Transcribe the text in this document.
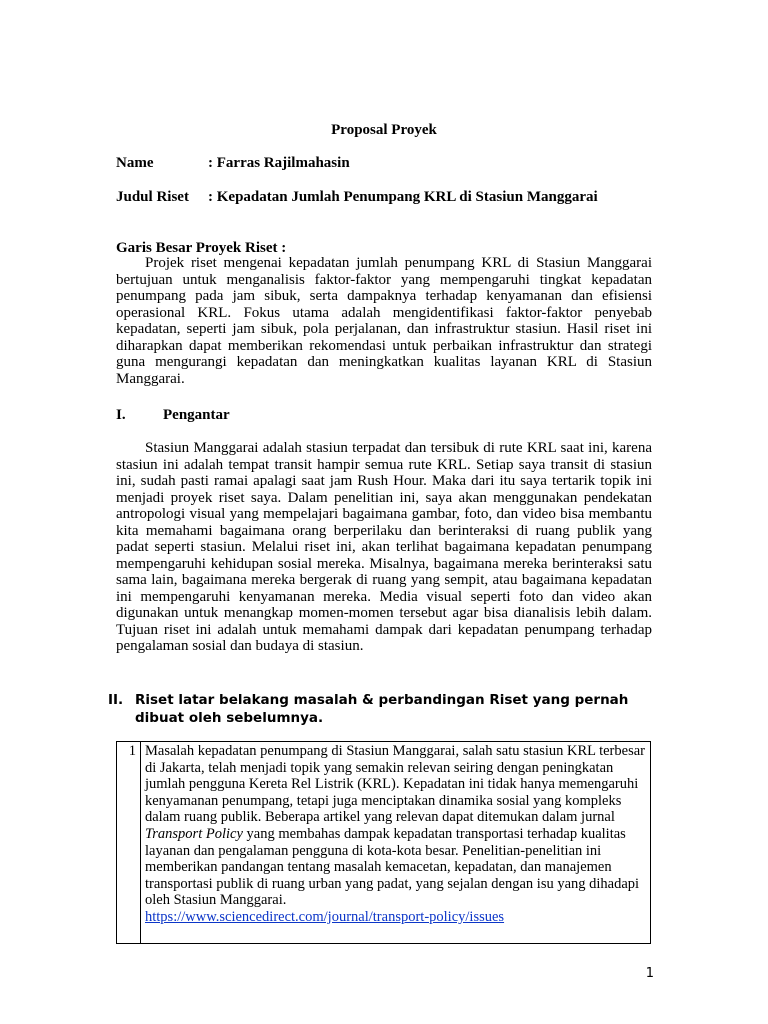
Proposal Proyek
Name	: Farras Rajilmahasin
Judul Riset : Kepadatan Jumlah Penumpang KRL di Stasiun Manggarai
Garis Besar Proyek Riset :

Projek riset mengenai kepadatan jumlah penumpang KRL di Stasiun Manggarai bertujuan untuk menganalisis faktor-faktor yang mempengaruhi tingkat kepadatan penumpang pada jam sibuk, serta dampaknya terhadap kenyamanan dan efisiensi operasional KRL. Fokus utama adalah mengidentifikasi faktor-faktor penyebab kepadatan, seperti jam sibuk, pola perjalanan, dan infrastruktur stasiun. Hasil riset ini diharapkan dapat memberikan rekomendasi untuk perbaikan infrastruktur dan strategi guna mengurangi kepadatan dan meningkatkan kualitas layanan KRL di Stasiun Manggarai.

I. Pengantar

Stasiun Manggarai adalah stasiun terpadat dan tersibuk di rute KRL saat ini, karena stasiun ini adalah tempat transit hampir semua rute KRL. Setiap saya transit di stasiun ini, sudah pasti ramai apalagi saat jam Rush Hour. Maka dari itu saya tertarik topik ini menjadi proyek riset saya. Dalam penelitian ini, saya akan menggunakan pendekatan antropologi visual yang mempelajari bagaimana gambar, foto, dan video bisa membantu kita memahami bagaimana orang berperilaku dan berinteraksi di ruang publik yang padat seperti stasiun. Melalui riset ini, akan terlihat bagaimana kepadatan penumpang mempengaruhi kehidupan sosial mereka. Misalnya, bagaimana mereka berinteraksi satu sama lain, bagaimana mereka bergerak di ruang yang sempit, atau bagaimana kepadatan ini mempengaruhi kenyamanan mereka. Media visual seperti foto dan video akan digunakan untuk menangkap momen-momen tersebut agar bisa dianalisis lebih dalam. Tujuan riset ini adalah untuk memahami dampak dari kepadatan penumpang terhadap pengalaman sosial dan budaya di stasiun.

II. Riset latar belakang masalah & perbandingan Riset yang pernah dibuat oleh sebelumnya.
1 Masalah kepadatan penumpang di Stasiun Manggarai, salah satu stasiun KRL terbesar di Jakarta, telah menjadi topik yang semakin relevan seiring dengan peningkatan jumlah pengguna Kereta Rel Listrik (KRL). Kepadatan ini tidak hanya memengaruhi kenyamanan penumpang, tetapi juga menciptakan dinamika sosial yang kompleks dalam ruang publik. Beberapa artikel yang relevan dapat ditemukan dalam jurnal Transport Policy yang membahas dampak kepadatan transportasi terhadap kualitas layanan dan pengalaman pengguna di kota-kota besar. Penelitian-penelitian ini memberikan pandangan tentang masalah kemacetan, kepadatan, dan manajemen transportasi publik di ruang urban yang padat, yang sejalan dengan isu yang dihadapi oleh Stasiun Manggarai.
https://www.sciencedirect.com/journal/transport-policy/issues
1
